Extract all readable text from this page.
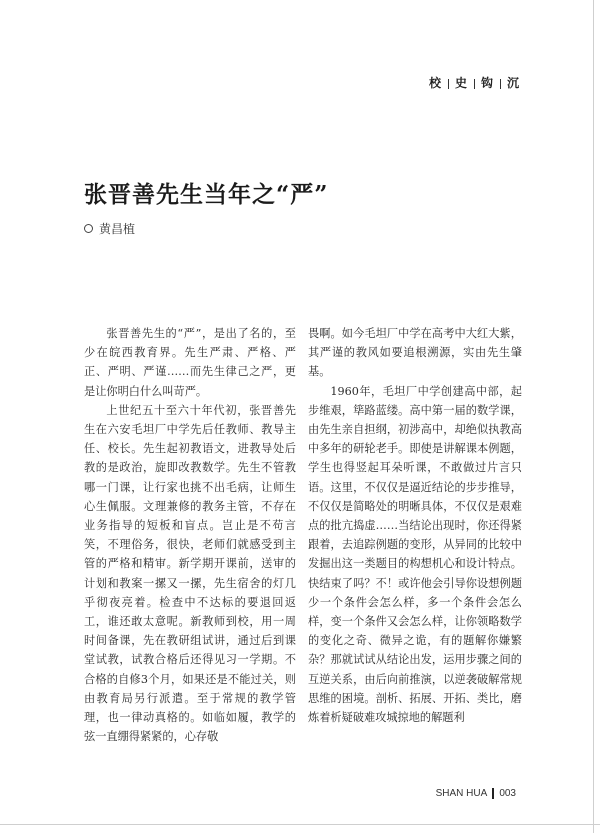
校 史 钩 沉
张晋善先生当年之“严”
黄昌植

张晋善先生的“严”，是出了名的，至少在皖西教育界。先生严肃、严格、严正、严明、严谨……而先生律己之严，更是让你明白什么叫苛严。

上世纪五十至六十年代初，张晋善先生在六安毛坦厂中学先后任教师、教导主任、校长。先生起初教语文，进教导处后教的是政治，旋即改教数学。先生不管教哪一门课，让行家也挑不出毛病，让师生心生佩服。文理兼修的教务主管，不存在业务指导的短板和盲点。岂止是不苟言笑，不理俗务，很快，老师们就感受到主管的严格和精审。新学期开课前，送审的计划和教案一摞又一摞，先生宿舍的灯几乎彻夜亮着。检查中不达标的要退回返工，谁还敢太意呢。新教师到校，用一周时间备课，先在教研组试讲，通过后到课堂试教，试教合格后还得见习一学期。不合格的自修3个月，如果还是不能过关，则由教育局另行派遣。至于常规的教学管理，也一律动真格的。如临如履，教学的弦一直绷得紧紧的，心存敬

畏啊。如今毛坦厂中学在高考中大红大紫，其严谨的教风如要追根溯源，实由先生肇基。

1960年，毛坦厂中学创建高中部，起步维艰，筚路蓝缕。高中第一届的数学课，由先生亲自担纲，初涉高中，却绝似执教高中多年的研轮老手。即使是讲解课本例题，学生也得竖起耳朵听课，不敢做过片言只语。这里，不仅仅是逼近结论的步步推导，不仅仅是简略处的明晰具体，不仅仅是艰难点的批亢捣虚……当结论出现时，你还得紧跟着，去追踪例题的变形，从异同的比较中发掘出这一类题目的构想机心和设计特点。快结束了吗？不！或许他会引导你设想例题少一个条件会怎么样，多一个条件会怎么样，变一个条件又会怎么样，让你领略数学的变化之奇、微异之诡，有的题解你嫌繁杂？那就试试从结论出发，运用步骤之间的互逆关系，由后向前推演，以逆袭破解常规思维的困境。剖析、拓展、开拓、类比，磨炼着析疑破难攻城掠地的解题利

SHAN HUA 003
